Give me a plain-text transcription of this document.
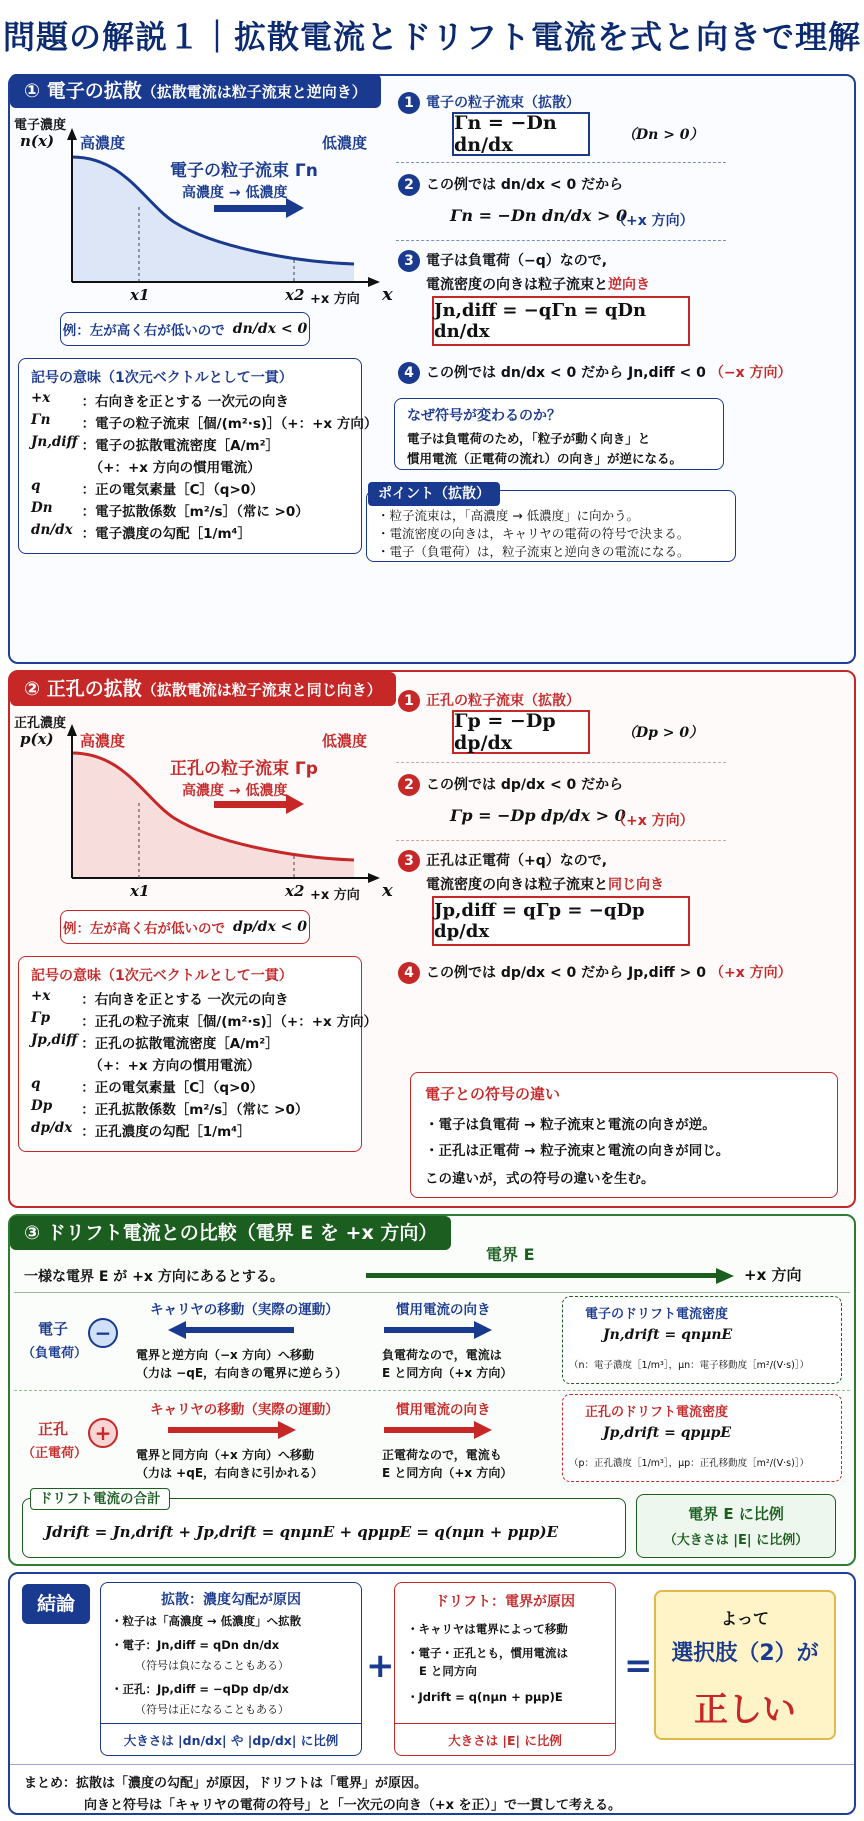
問題の解説１｜拡散電流とドリフト電流を式と向きで理解
① 電子の拡散（拡散電流は粒子流束と逆向き）
電子濃度
n(x) 高濃度	低濃度
電子の粒子流束 Γn
高濃度 → 低濃度
x1	x2 +x 方向 x
例：左が高く右が低いので dn/dx < 0
記号の意味（1次元ベクトルとして一貫）
+x	：右向きを正とする 一次元の向き
Γn	：電子の粒子流束［個/(m²·s)］（+：+x 方向）
Jn,diff	：電子の拡散電流密度［A/m²］
	（+：+x 方向の慣用電流）
q	：正の電気素量［C］（q>0）
Dn	：電子拡散係数［m²/s］（常に >0）
dn/dx	：電子濃度の勾配［1/m⁴］
1 電子の粒子流束（拡散）
Γn = −Dn dn/dx	（Dn > 0）
2 この例では dn/dx < 0 だから
Γn = −Dn dn/dx > 0
（+x 方向）
3 電子は負電荷（−q）なので,
電流密度の向きは粒子流束と逆向き
Jn,diff = −qΓn = qDn dn/dx
4 この例では dn/dx < 0 だから Jn,diff < 0 （−x 方向）
なぜ符号が変わるのか？
電子は負電荷のため，「粒子が動く向き」と
慣用電流（正電荷の流れ）の向き」が逆になる。
・粒子流束は，「高濃度 → 低濃度」に向かう。
・電流密度の向きは，キャリヤの電荷の符号で決まる。
・電子（負電荷）は，粒子流束と逆向きの電流になる。
ポイント（拡散）
② 正孔の拡散（拡散電流は粒子流束と同じ向き）
正孔濃度
p(x) 高濃度	低濃度
正孔の粒子流束 Γp
高濃度 → 低濃度
x1	x2 +x 方向 x
例：左が高く右が低いので dp/dx < 0
記号の意味（1次元ベクトルとして一貫）
+x	：右向きを正とする 一次元の向き
Γp	：正孔の粒子流束［個/(m²·s)］（+：+x 方向）
Jp,diff	：正孔の拡散電流密度［A/m²］
	（+：+x 方向の慣用電流）
q	：正の電気素量［C］（q>0）
Dp	：正孔拡散係数［m²/s］（常に >0）
dp/dx	：正孔濃度の勾配［1/m⁴］
1 正孔の粒子流束（拡散）
Γp = −Dp dp/dx	（Dp > 0）
2 この例では dp/dx < 0 だから
Γp = −Dp dp/dx > 0
（+x 方向）
3 正孔は正電荷（+q）なので,
電流密度の向きは粒子流束と同じ向き
Jp,diff = qΓp = −qDp dp/dx
4 この例では dp/dx < 0 だから Jp,diff > 0 （+x 方向）
電子との符号の違い
・電子は負電荷 → 粒子流束と電流の向きが逆。
・正孔は正電荷 → 粒子流束と電流の向きが同じ。
この違いが，式の符号の違いを生む。
③ ドリフト電流との比較（電界 E を +x 方向）
一様な電界 E が +x 方向にあるとする。
電界 E
+x 方向
電子
（負電荷）
−
キャリヤの移動（実際の運動）
電界と逆方向（−x 方向）へ移動
（力は −qE，右向きの電界に逆らう）
慣用電流の向き
負電荷なので，電流は
E と同方向（+x 方向）
電子のドリフト電流密度
Jn,drift = qnμnE
（n：電子濃度［1/m³］，μn：電子移動度［m²/(V·s)］）
正孔
（正電荷）
+
キャリヤの移動（実際の運動）
電界と同方向（+x 方向）へ移動
（力は +qE，右向きに引かれる）
慣用電流の向き
正電荷なので，電流も
E と同方向（+x 方向）
正孔のドリフト電流密度
Jp,drift = qpμpE
（p：正孔濃度［1/m³］，μp：正孔移動度［m²/(V·s)］）
Jdrift = Jn,drift + Jp,drift = qnμnE + qpμpE = q(nμn + pμp)E
ドリフト電流の合計
電界 E に比例
（大きさは |E| に比例）
結論	拡散：濃度勾配が原因
・粒子は「高濃度 → 低濃度」へ拡散
・電子：Jn,diff = qDn dn/dx
（符号は負になることもある）
・正孔：Jp,diff = −qDp dp/dx
（符号は正になることもある）
大きさは |dn/dx| や |dp/dx| に比例
+
ドリフト：電界が原因
・キャリヤは電界によって移動
・電子・正孔とも，慣用電流は
E と同方向
・Jdrift = q(nμn + pμp)E
大きさは |E| に比例
=
よって
選択肢（2）が
正しい
まとめ：拡散は「濃度の勾配」が原因，ドリフトは「電界」が原因。
向きと符号は「キャリヤの電荷の符号」と「一次元の向き（+x を正）」で一貫して考える。
